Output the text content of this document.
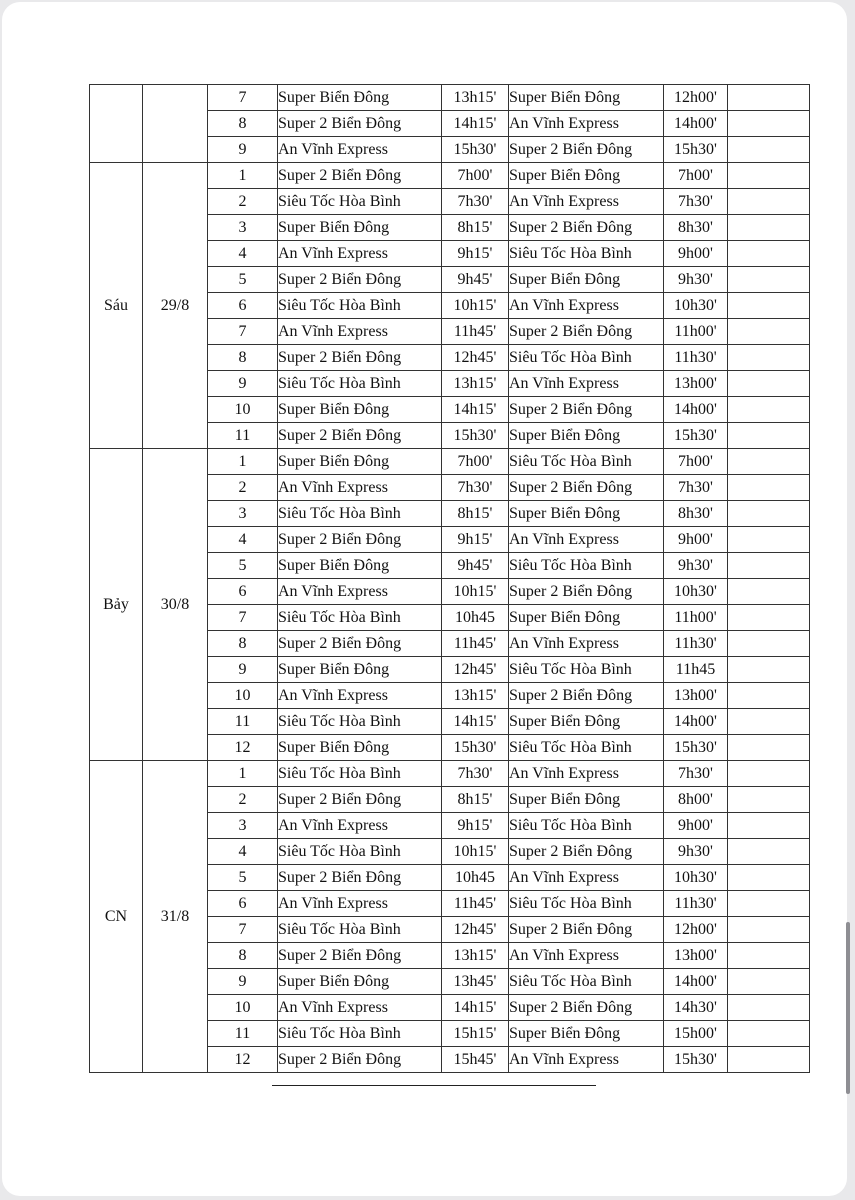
		7	Super Biển Đông	13h15'	Super Biển Đông	12h00'	
		8	Super 2 Biển Đông	14h15'	An Vĩnh Express	14h00'	
		9	An Vĩnh Express	15h30'	Super 2 Biển Đông	15h30'	
Sáu	29/8	1	Super 2 Biển Đông	7h00'	Super Biển Đông	7h00'	
		2	Siêu Tốc Hòa Bình	7h30'	An Vĩnh Express	7h30'	
		3	Super Biển Đông	8h15'	Super 2 Biển Đông	8h30'	
		4	An Vĩnh Express	9h15'	Siêu Tốc Hòa Bình	9h00'	
		5	Super 2 Biển Đông	9h45'	Super Biển Đông	9h30'	
		6	Siêu Tốc Hòa Bình	10h15'	An Vĩnh Express	10h30'	
		7	An Vĩnh Express	11h45'	Super 2 Biển Đông	11h00'	
		8	Super 2 Biển Đông	12h45'	Siêu Tốc Hòa Bình	11h30'	
		9	Siêu Tốc Hòa Bình	13h15'	An Vĩnh Express	13h00'	
		10	Super Biển Đông	14h15'	Super 2 Biển Đông	14h00'	
		11	Super 2 Biển Đông	15h30'	Super Biển Đông	15h30'	
Bảy	30/8	1	Super Biển Đông	7h00'	Siêu Tốc Hòa Bình	7h00'	
		2	An Vĩnh Express	7h30'	Super 2 Biển Đông	7h30'	
		3	Siêu Tốc Hòa Bình	8h15'	Super Biển Đông	8h30'	
		4	Super 2 Biển Đông	9h15'	An Vĩnh Express	9h00'	
		5	Super Biển Đông	9h45'	Siêu Tốc Hòa Bình	9h30'	
		6	An Vĩnh Express	10h15'	Super 2 Biển Đông	10h30'	
		7	Siêu Tốc Hòa Bình	10h45	Super Biển Đông	11h00'	
		8	Super 2 Biển Đông	11h45'	An Vĩnh Express	11h30'	
		9	Super Biển Đông	12h45'	Siêu Tốc Hòa Bình	11h45	
		10	An Vĩnh Express	13h15'	Super 2 Biển Đông	13h00'	
		11	Siêu Tốc Hòa Bình	14h15'	Super Biển Đông	14h00'	
		12	Super Biển Đông	15h30'	Siêu Tốc Hòa Bình	15h30'	
CN	31/8	1	Siêu Tốc Hòa Bình	7h30'	An Vĩnh Express	7h30'	
		2	Super 2 Biển Đông	8h15'	Super Biển Đông	8h00'	
		3	An Vĩnh Express	9h15'	Siêu Tốc Hòa Bình	9h00'	
		4	Siêu Tốc Hòa Bình	10h15'	Super 2 Biển Đông	9h30'	
		5	Super 2 Biển Đông	10h45	An Vĩnh Express	10h30'	
		6	An Vĩnh Express	11h45'	Siêu Tốc Hòa Bình	11h30'	
		7	Siêu Tốc Hòa Bình	12h45'	Super 2 Biển Đông	12h00'	
		8	Super 2 Biển Đông	13h15'	An Vĩnh Express	13h00'	
		9	Super Biển Đông	13h45'	Siêu Tốc Hòa Bình	14h00'	
		10	An Vĩnh Express	14h15'	Super 2 Biển Đông	14h30'	
		11	Siêu Tốc Hòa Bình	15h15'	Super Biển Đông	15h00'	
		12	Super 2 Biển Đông	15h45'	An Vĩnh Express	15h30'	
